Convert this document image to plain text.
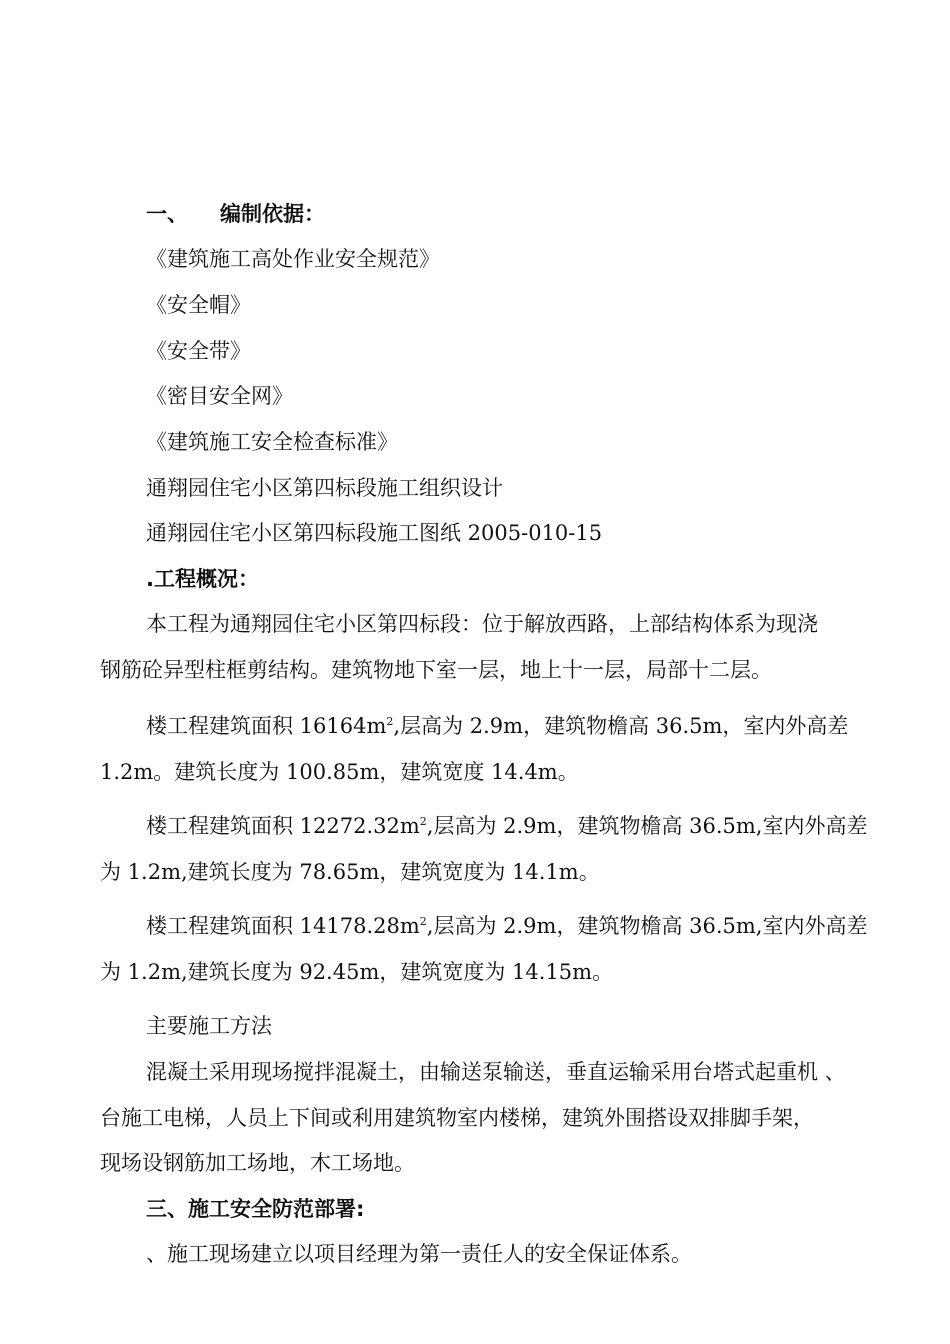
一、 编制依据：
《建筑施工高处作业安全规范》
《安全帽》
《安全带》
《密目安全网》
《建筑施工安全检查标准》
通翔园住宅小区第四标段施工组织设计
通翔园住宅小区第四标段施工图纸 2005-010-15
.工程概况：
本工程为通翔园住宅小区第四标段：位于解放西路，上部结构体系为现浇
钢筋砼异型柱框剪结构。建筑物地下室一层，地上十一层，局部十二层。
楼工程建筑面积 $16164m^2$,层高为 2.9m，建筑物檐高 36.5m，室内外高差
1.2m。建筑长度为 100.85m，建筑宽度 14.4m。
楼工程建筑面积 $12272.32m^2$,层高为 2.9m，建筑物檐高 36.5m,室内外高差
为 1.2m,建筑长度为 78.65m，建筑宽度为 14.1m。
楼工程建筑面积 $14178.28m^2$,层高为 2.9m，建筑物檐高 36.5m,室内外高差
为 1.2m,建筑长度为 92.45m，建筑宽度为 14.15m。
主要施工方法
混凝土采用现场搅拌混凝土，由输送泵输送，垂直运输采用台塔式起重机 、
台施工电梯，人员上下间或利用建筑物室内楼梯，建筑外围搭设双排脚手架，
现场设钢筋加工场地，木工场地。
三、施工安全防范部署:
、施工现场建立以项目经理为第一责任人的安全保证体系。
